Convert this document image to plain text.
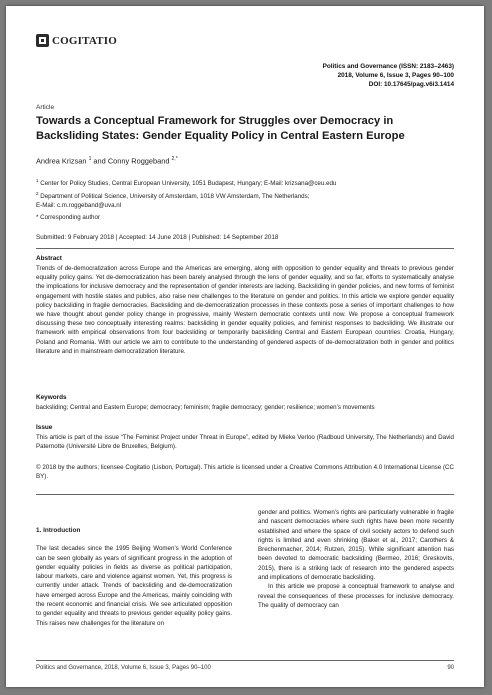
COGITATIO
Politics and Governance (ISSN: 2183–2463)
2018, Volume 6, Issue 3, Pages 90–100
DOI: 10.17645/pag.v6i3.1414
Article
Towards a Conceptual Framework for Struggles over Democracy in
Backsliding States: Gender Equality Policy in Central Eastern Europe
Andrea Krizsan $^1$ and Conny Roggeband $^{2,*}$
$^1$ Center for Policy Studies, Central European University, 1051 Budapest, Hungary; E-Mail: krizsana@ceu.edu
$^2$ Department of Political Science, University of Amsterdam, 1018 VW Amsterdam, The Netherlands;
E-Mail: c.m.roggeband@uva.nl
* Corresponding author
Submitted: 9 February 2018 | Accepted: 14 June 2018 | Published: 14 September 2018
Abstract
Trends of de-democratization across Europe and the Americas are emerging, along with opposition to gender equality and threats to previous gender equality policy gains. Yet de-democratization has been barely analysed through the lens of gender equality, and so far, efforts to systematically analyse the implications for inclusive democracy and the representation of gender interests are lacking. Backsliding in gender policies, and new forms of feminist engagement with hostile states and publics, also raise new challenges to the literature on gender and politics. In this article we explore gender equality policy backsliding in fragile democracies. Backsliding and de-democratization processes in these contexts pose a series of important challenges to how we have thought about gender policy change in progressive, mainly Western democratic contexts until now. We propose a conceptual framework discussing these two conceptually interesting realms: backsliding in gender equality policies, and feminist responses to backsliding. We illustrate our framework with empirical observations from four backsliding or temporarily backsliding Central and Eastern European countries: Croatia, Hungary, Poland and Romania. With our article we aim to contribute to the understanding of gendered aspects of de-democratization both in gender and politics literature and in mainstream democratization literature.
Keywords
backsliding; Central and Eastern Europe; democracy; feminism; fragile democracy; gender; resilience; women’s movements
Issue
This article is part of the issue “The Feminist Project under Threat in Europe”, edited by Mieke Verloo (Radboud University, The Netherlands) and David Paternotte (Université Libre de Bruxelles, Belgium).
© 2018 by the authors; licensee Cogitatio (Lisbon, Portugal). This article is licensed under a Creative Commons Attribution 4.0 International License (CC BY).
1. Introduction

The last decades since the 1995 Beijing Women’s World Conference can be seen globally as years of significant progress in the adoption of gender equality policies in fields as diverse as political participation, labour markets, care and violence against women. Yet, this progress is currently under attack. Trends of backsliding and de-democratization have emerged across Europe and the Americas, mainly coinciding with the recent economic and financial crisis. We see articulated opposition to gender equality and threats to previous gender equality policy gains. This raises new challenges for the literature on

gender and politics. Women’s rights are particularly vulnerable in fragile and nascent democracies where such rights have been more recently established and where the space of civil society actors to defend such rights is limited and even shrinking (Baker et al., 2017; Carothers & Brechenmacher, 2014; Rutzen, 2015). While significant attention has been devoted to democratic backsliding (Bermeo, 2016; Greskovits, 2015), there is a striking lack of research into the gendered aspects and implications of democratic backsliding.

In this article we propose a conceptual framework to analyse and reveal the consequences of these processes for inclusive democracy. The quality of democracy can

Politics and Governance, 2018, Volume 6, Issue 3, Pages 90–100	90
